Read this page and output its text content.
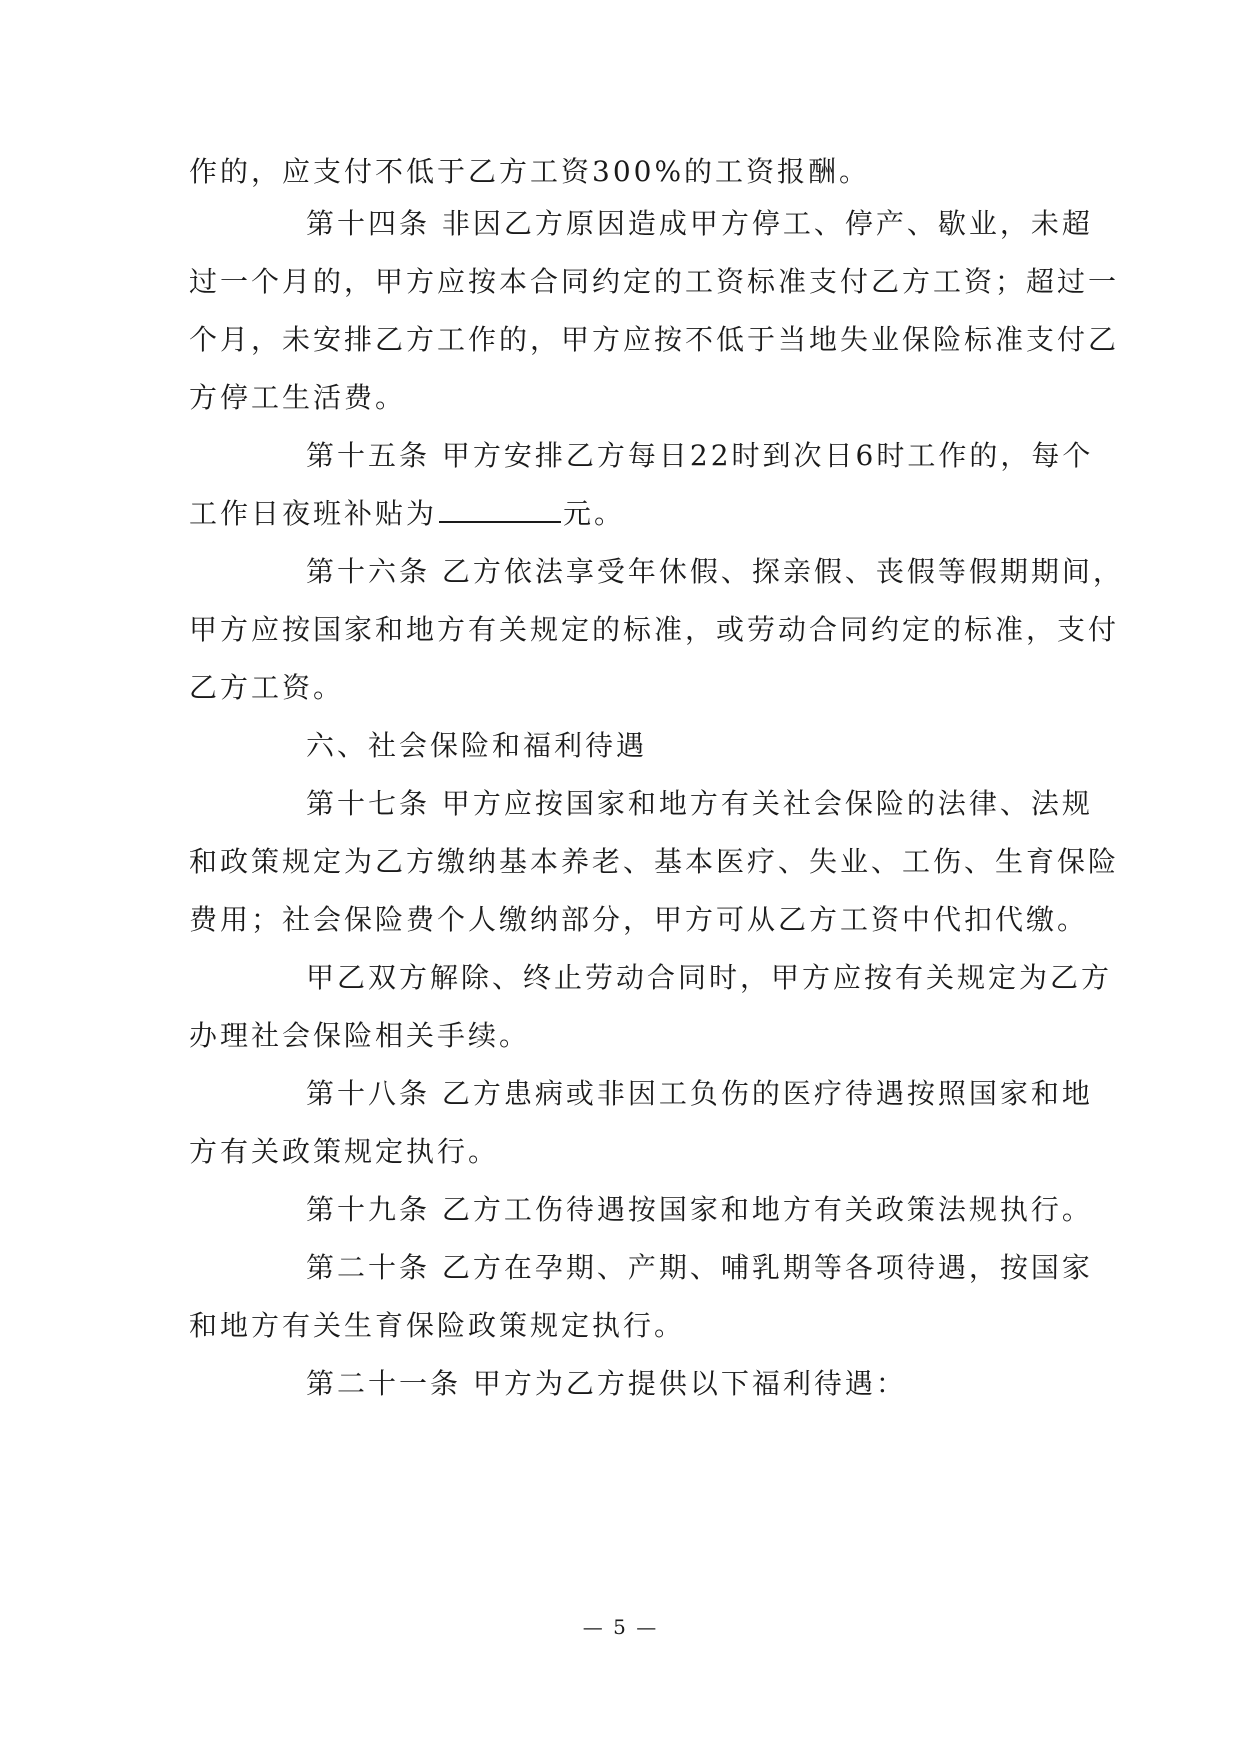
作的，应支付不低于乙方工资300%的工资报酬。
第十四条 非因乙方原因造成甲方停工、停产、歇业，未超
过一个月的，甲方应按本合同约定的工资标准支付乙方工资；超过一
个月，未安排乙方工作的，甲方应按不低于当地失业保险标准支付乙
方停工生活费。
第十五条 甲方安排乙方每日22时到次日6时工作的，每个
工作日夜班补贴为	元。
第十六条 乙方依法享受年休假、探亲假、丧假等假期期间，
甲方应按国家和地方有关规定的标准，或劳动合同约定的标准，支付
乙方工资。
六、社会保险和福利待遇
第十七条 甲方应按国家和地方有关社会保险的法律、法规
和政策规定为乙方缴纳基本养老、基本医疗、失业、工伤、生育保险
费用；社会保险费个人缴纳部分，甲方可从乙方工资中代扣代缴。
甲乙双方解除、终止劳动合同时，甲方应按有关规定为乙方
办理社会保险相关手续。
第十八条 乙方患病或非因工负伤的医疗待遇按照国家和地
方有关政策规定执行。
第十九条 乙方工伤待遇按国家和地方有关政策法规执行。
第二十条 乙方在孕期、产期、哺乳期等各项待遇，按国家
和地方有关生育保险政策规定执行。
第二十一条 甲方为乙方提供以下福利待遇：
— 5 —
